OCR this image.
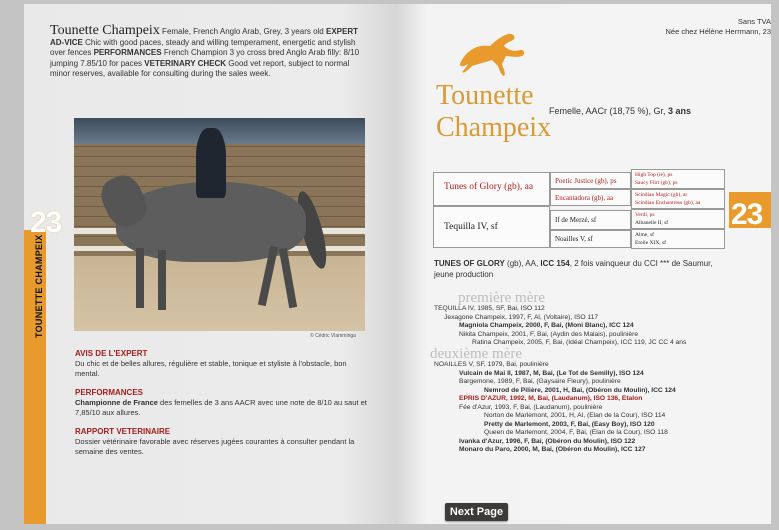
23
TOUNETTE CHAMPEIX
Tounette Champeix Female, French Anglo Arab, Grey, 3 years old EXPERT AD-VICE Chic with good paces, steady and willing temperament, energetic and stylish over fences PERFORMANCES French Champion 3 yo cross bred Anglo Arab filly: 8/10 jumping 7.85/10 for paces VETERINARY CHECK Good vet report, subject to normal minor reserves, available for consulting during the sales week.
© Cédric Vlamminga
AVIS DE L'EXPERT

Du chic et de belles allures, régulière et stable, tonique et styliste à l'obstacle, bon mental.

PERFORMANCES

Championne de France des femelles de 3 ans AACR avec une note de 8/10 au saut et 7,85/10 aux allures.

RAPPORT VETERINAIRE

Dossier vétérinaire favorable avec réserves jugées courantes à consulter pendant la semaine des ventes.

23
Sans TVA
Née chez Hélène Herrmann, 23
Tounette
Champeix
Femelle, AACr (18,75 %), Gr, 3 ans
Tunes of Glory (gb), aa
Tequilla IV, sf
Poetic Justice (gb), ps
Encantadora (gb), aa
If de Merzé, sf
Noailles V, sf
High Top (ie), ps
Saucy Flirt (gb), ps
Scindian Magic (gb), ar
Scindian Enchantress (gb), aa
Verdi, ps
Albanelle II, sf
Alme, sf
Etoile XIX, sf
TUNES OF GLORY (gb), AA, ICC 154, 2 fois vainqueur du CCI *** de Saumur, jeune production
première mère
TEQUILLA IV, 1985, SF, Bai, ISO 112
Jexagone Champeix, 1997, F, Al, (Voltaire), ISO 117
Magniola Champeix, 2000, F, Bai, (Moni Blanc), ICC 124
Nikita Champeix, 2001, F, Bai, (Aydin des Malais), poulinière
Ratina Champeix, 2005, F, Bai, (Idéal Champeix), ICC 119, JC CC 4 ans
deuxième mère
NOAILLES V, SF, 1979, Bai, poulinière
Vulcain de Mai II, 1987, M, Bai, (Le Tot de Semilly), ISO 124
Bargemone, 1989, F, Bai, (Gaysaire Fleury), poulinière
Nemrod de Pilière, 2001, H, Bai, (Obéron du Moulin), ICC 124
EPRIS D'AZUR, 1992, M, Bai, (Laudanum), ISO 136, Etalon
Fée d'Azur, 1993, F, Bai, (Laudanum), poulinière
Norton de Marlemont, 2001, H, Al, (Elan de la Cour), ISO 114
Pretty de Marlemont, 2003, F, Bai, (Easy Boy), ISO 120
Queen de Marlemont, 2004, F, Bai, (Elan de la Cour), ISO 118
Ivanka d'Azur, 1996, F, Bai, (Obéron du Moulin), ISO 122
Monaro du Paro, 2000, M, Bai, (Obéron du Moulin), ICC 127
Next Page
